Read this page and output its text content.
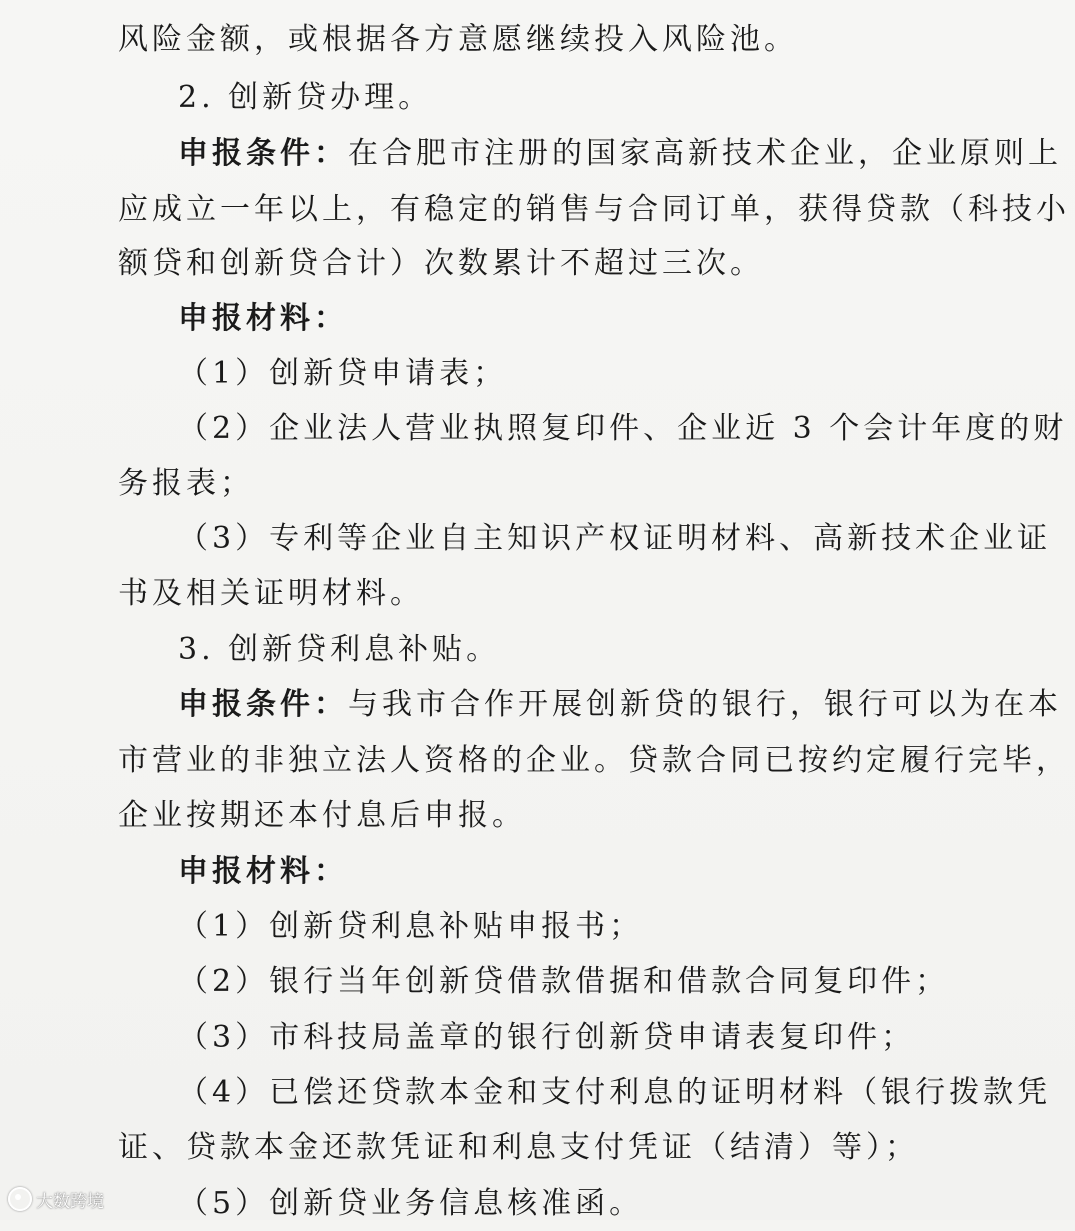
风险金额，或根据各方意愿继续投入风险池。
2. 创新贷办理。
申报条件：在合肥市注册的国家高新技术企业，企业原则上
应成立一年以上，有稳定的销售与合同订单，获得贷款（科技小
额贷和创新贷合计）次数累计不超过三次。
申报材料：
（1）创新贷申请表；
（2）企业法人营业执照复印件、企业近 3 个会计年度的财
务报表；
（3）专利等企业自主知识产权证明材料、高新技术企业证
书及相关证明材料。
3. 创新贷利息补贴。
申报条件：与我市合作开展创新贷的银行，银行可以为在本
市营业的非独立法人资格的企业。贷款合同已按约定履行完毕，
企业按期还本付息后申报。
申报材料：
（1）创新贷利息补贴申报书；
（2）银行当年创新贷借款借据和借款合同复印件；
（3）市科技局盖章的银行创新贷申请表复印件；
（4）已偿还贷款本金和支付利息的证明材料（银行拨款凭
证、贷款本金还款凭证和利息支付凭证（结清）等）；
（5）创新贷业务信息核准函。
大数跨境
